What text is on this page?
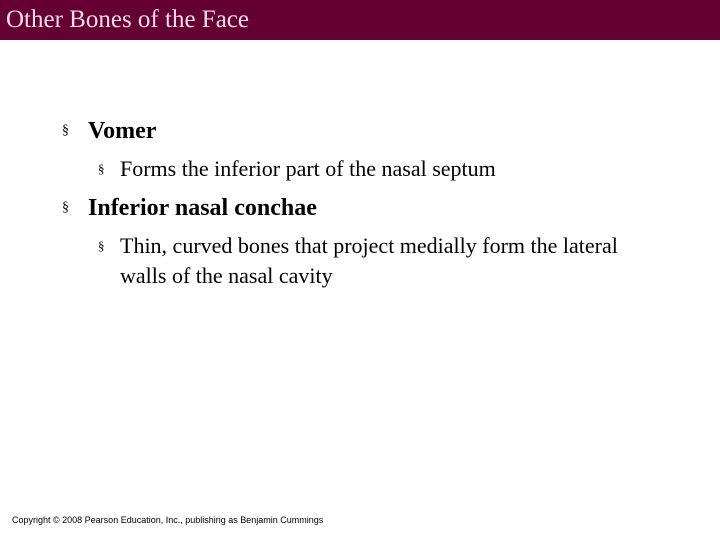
Other Bones of the Face
§ Vomer
§ Forms the inferior part of the nasal septum
§ Inferior nasal conchae
§ Thin, curved bones that project medially form the lateral walls of the nasal cavity
Copyright © 2008 Pearson Education, Inc., publishing as Benjamin Cummings
